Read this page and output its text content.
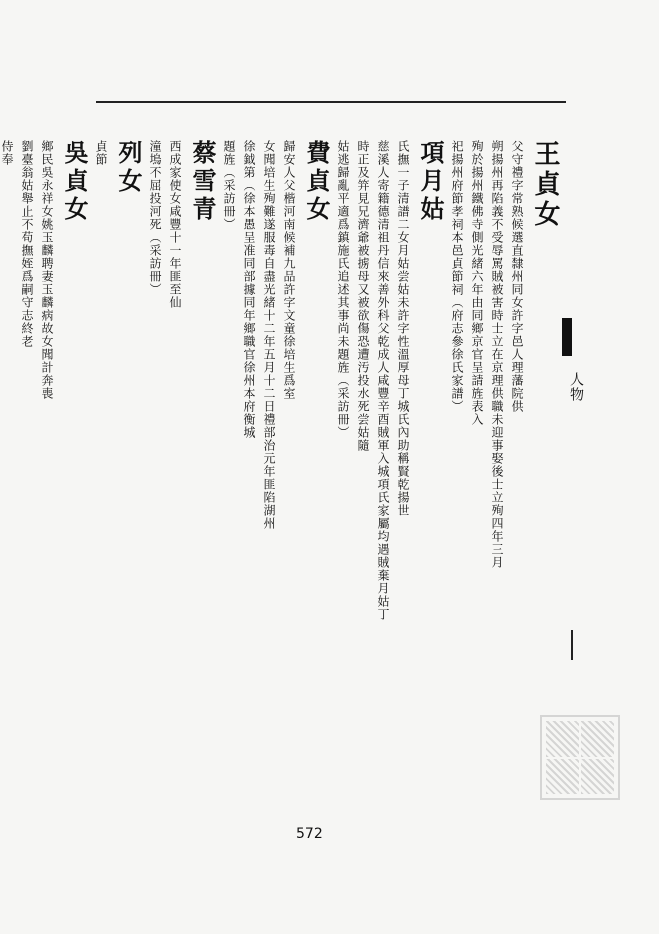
人物
王貞女
父守禮字常熟候選直隸州同女許字邑人理藩院供
朔揚州再陷義不受辱罵賊被害時士立在京理供職未迎事娶後士立殉四年三月
殉於揚州鐵佛寺側光緒六年由同鄉京官呈請旌表入
祀揚州府節孝祠本邑貞節祠（府志參徐氏家譜）
項月姑
氏撫一子清譜二女月姑尝姑未許字性溫厚母丁城氏內助稱賢乾揚世
慈溪人寄籍德清祖丹信來善外科父乾成人咸豐辛酉賊軍入城項氏家屬均遇賊棄月姑丁
時正及笄見兄濟爺被掳母又被欲傷恐遭汚投水死尝姑隨
姑逃歸亂平適爲鎮施氏追述其事尚未題旌（采訪冊）
費貞女
歸安人父楷河南候補九品許字文童徐培生爲室
女聞培生殉難遂服毒自盡光緒十二年五月十二日禮部治元年匪陷湖州
徐鉞第（徐本愚呈准同部據同年鄉職官徐州本府衡城
題旌（采訪冊）
蔡雪青
西成家使女咸豐十一年匪至仙
潼塢不屈投河死（采訪冊）
列女
貞節
吳貞女
鄉民吳永祥女姚玉麟聘妻玉麟病故女聞計奔喪
劉臺翁姑舉止不苟撫姪爲嗣守志終老
侍奉
572
